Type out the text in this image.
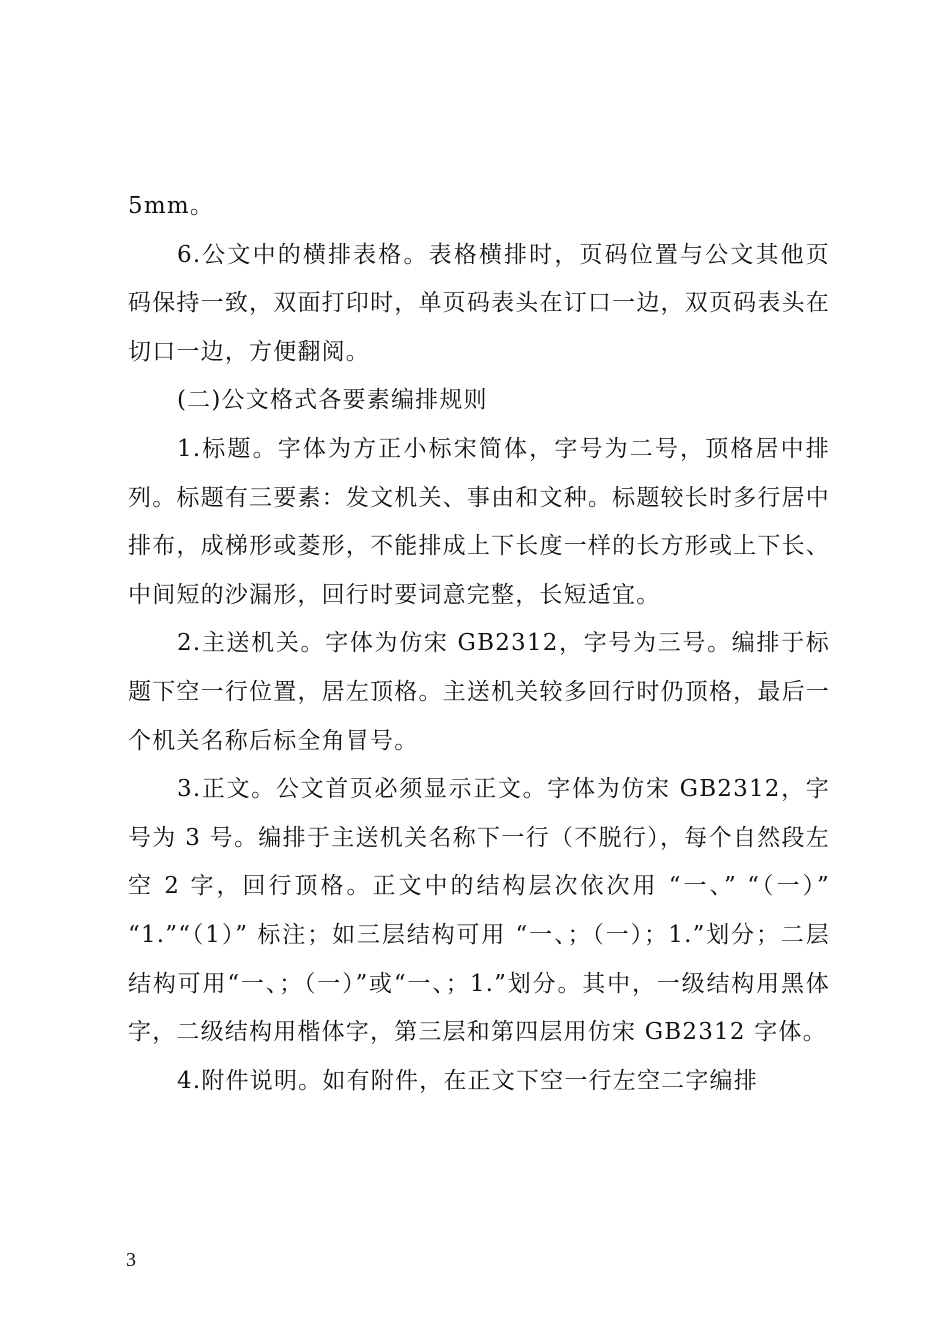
5mm。

6.公文中的横排表格。表格横排时，页码位置与公文其他页码保持一致，双面打印时，单页码表头在订口一边，双页码表头在切口一边，方便翻阅。

(二)公文格式各要素编排规则

1.标题。字体为方正小标宋简体，字号为二号，顶格居中排列。标题有三要素：发文机关、事由和文种。标题较长时多行居中排布，成梯形或菱形，不能排成上下长度一样的长方形或上下长、中间短的沙漏形，回行时要词意完整，长短适宜。

2.主送机关。字体为仿宋 GB2312，字号为三号。编排于标题下空一行位置，居左顶格。主送机关较多回行时仍顶格，最后一个机关名称后标全角冒号。

3.正文。公文首页必须显示正文。字体为仿宋 GB2312，字号为 3 号。编排于主送机关名称下一行（不脱行），每个自然段左空 2 字，回行顶格。正文中的结构层次依次用 “一、” “（一）” “1.”“（1）” 标注；如三层结构可用 “一、；（一）；1.”划分；二层结构可用“一、；（一）”或“一、；1.”划分。其中，一级结构用黑体字，二级结构用楷体字，第三层和第四层用仿宋 GB2312 字体。

4.附件说明。如有附件，在正文下空一行左空二字编排

3
